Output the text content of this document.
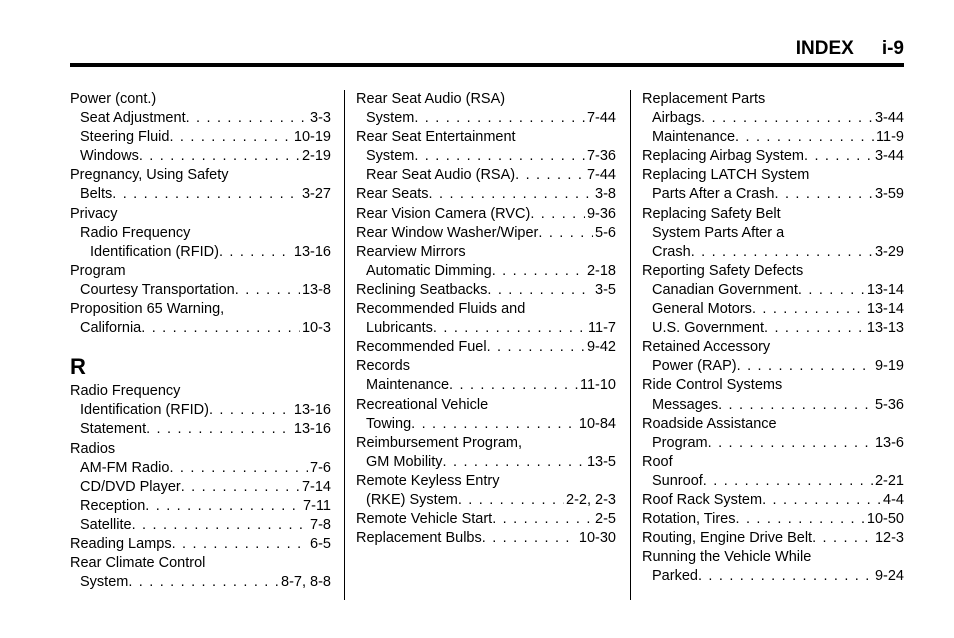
INDEX i-9
Power (cont.)
Seat Adjustment . . .	3-3
Steering Fluid . . .	10-19
Windows . . .	2-19
Pregnancy, Using Safety
Belts . . .	3-27
Privacy
Radio Frequency
Identification (RFID) . . .	13-16
Program
Courtesy Transportation . . .	13-8
Proposition 65 Warning,
California . . .	10-3
R
Radio Frequency
Identification (RFID) . . .	13-16
Statement . . .	13-16
Radios
AM-FM Radio . . .	7-6
CD/DVD Player . . .	7-14
Reception . . .	7-11
Satellite . . .	7-8
Reading Lamps . . .	6-5
Rear Climate Control
System . . .	8-7, 8-8
Rear Seat Audio (RSA)
System . . .	7-44
Rear Seat Entertainment
System . . .	7-36
Rear Seat Audio (RSA) . . .	7-44
Rear Seats . . .	3-8
Rear Vision Camera (RVC) . . .	9-36
Rear Window Washer/Wiper . . .	5-6
Rearview Mirrors
Automatic Dimming . . .	2-18
Reclining Seatbacks . . .	3-5
Recommended Fluids and
Lubricants . . .	11-7
Recommended Fuel . . .	9-42
Records
Maintenance . . .	11-10
Recreational Vehicle
Towing . . .	10-84
Reimbursement Program,
GM Mobility . . .	13-5
Remote Keyless Entry
(RKE) System . . .	2-2, 2-3
Remote Vehicle Start . . .	2-5
Replacement Bulbs . . .	10-30
Replacement Parts
Airbags . . .	3-44
Maintenance . . .	11-9
Replacing Airbag System . . .	3-44
Replacing LATCH System
Parts After a Crash . . .	3-59
Replacing Safety Belt
System Parts After a
Crash . . .	3-29
Reporting Safety Defects
Canadian Government . . .	13-14
General Motors . . .	13-14
U.S. Government . . .	13-13
Retained Accessory
Power (RAP) . . .	9-19
Ride Control Systems
Messages . . .	5-36
Roadside Assistance
Program . . .	13-6
Roof
Sunroof . . .	2-21
Roof Rack System . . .	4-4
Rotation, Tires . . .	10-50
Routing, Engine Drive Belt . . .	12-3
Running the Vehicle While
Parked . . .	9-24
